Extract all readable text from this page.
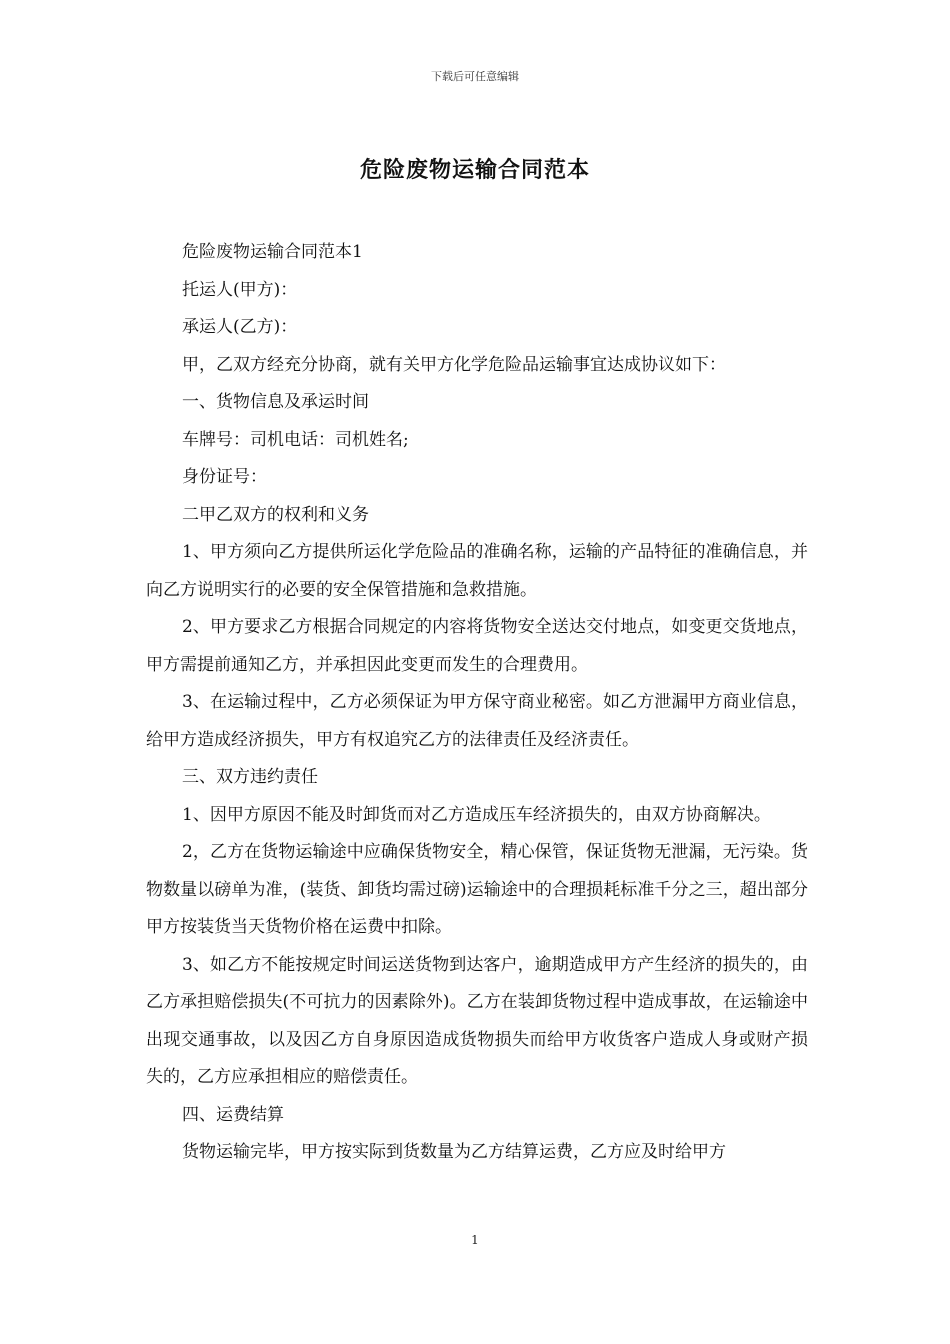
下载后可任意编辑
危险废物运输合同范本

危险废物运输合同范本1

托运人(甲方)：

承运人(乙方)：

甲，乙双方经充分协商，就有关甲方化学危险品运输事宜达成协议如下：

一、货物信息及承运时间

车牌号：司机电话：司机姓名;

身份证号：

二甲乙双方的权利和义务

1、甲方须向乙方提供所运化学危险品的准确名称，运输的产品特征的准确信息，并向乙方说明实行的必要的安全保管措施和急救措施。

2、甲方要求乙方根据合同规定的内容将货物安全送达交付地点，如变更交货地点，甲方需提前通知乙方，并承担因此变更而发生的合理费用。

3、在运输过程中，乙方必须保证为甲方保守商业秘密。如乙方泄漏甲方商业信息，给甲方造成经济损失，甲方有权追究乙方的法律责任及经济责任。

三、双方违约责任

1、因甲方原因不能及时卸货而对乙方造成压车经济损失的，由双方协商解决。

2，乙方在货物运输途中应确保货物安全，精心保管，保证货物无泄漏，无污染。货物数量以磅单为准，(装货、卸货均需过磅)运输途中的合理损耗标准千分之三，超出部分甲方按装货当天货物价格在运费中扣除。

3、如乙方不能按规定时间运送货物到达客户，逾期造成甲方产生经济的损失的，由乙方承担赔偿损失(不可抗力的因素除外)。乙方在装卸货物过程中造成事故，在运输途中出现交通事故，以及因乙方自身原因造成货物损失而给甲方收货客户造成人身或财产损失的，乙方应承担相应的赔偿责任。

四、运费结算

货物运输完毕，甲方按实际到货数量为乙方结算运费，乙方应及时给甲方

1
